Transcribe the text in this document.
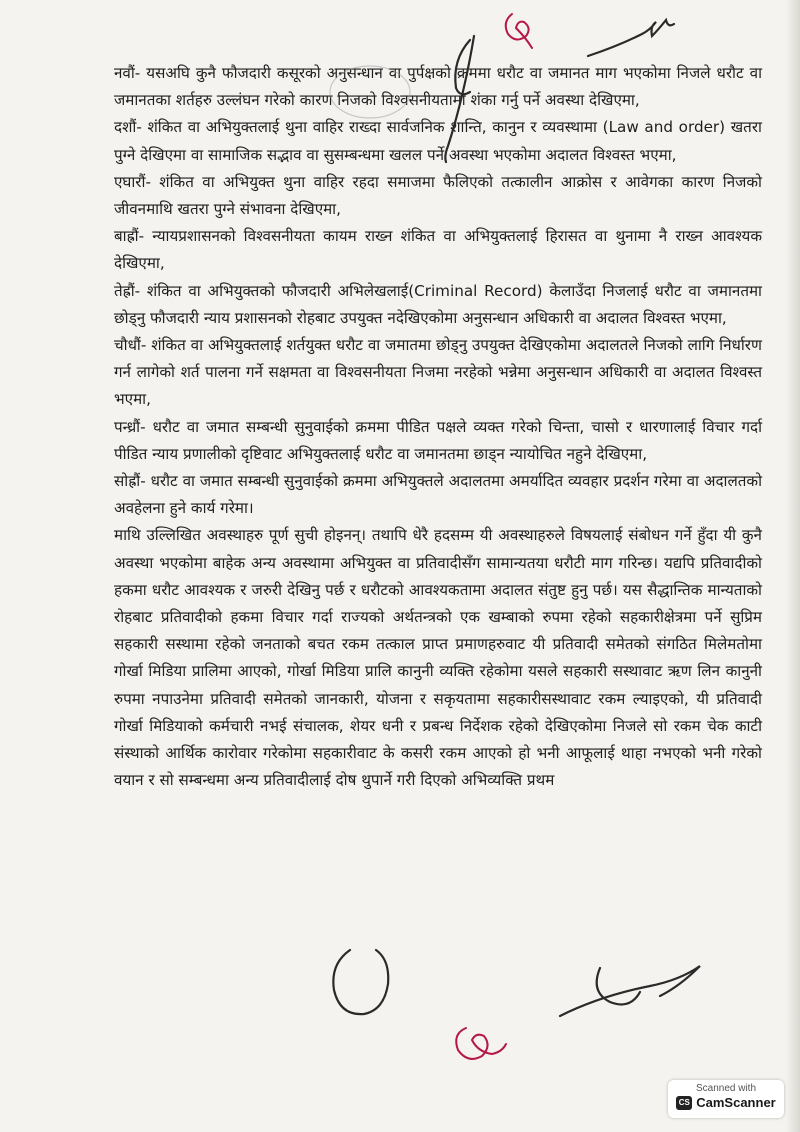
नवौं- यसअघि कुनै फौजदारी कसूरको अनुसन्धान वा पुर्पक्षको क्रममा धरौट वा जमानत माग भएकोमा निजले धरौट वा जमानतका शर्तहरु उल्लंघन गरेको कारण निजको विश्वसनीयतामा शंका गर्नु पर्ने अवस्था देखिएमा,

दशौं- शंकित वा अभियुक्तलाई थुना वाहिर राख्दा सार्वजनिक शान्ति, कानुन र व्यवस्थामा (Law and order) खतरा पुग्ने देखिएमा वा सामाजिक सद्भाव वा सुसम्बन्धमा खलल पर्ने अवस्था भएकोमा अदालत विश्वस्त भएमा,

एघारौं- शंकित वा अभियुक्त थुना वाहिर रहदा समाजमा फैलिएको तत्कालीन आक्रोस र आवेगका कारण निजको जीवनमाथि खतरा पुग्ने संभावना देखिएमा,

बाह्रौं- न्यायप्रशासनको विश्वसनीयता कायम राख्न शंकित वा अभियुक्तलाई हिरासत वा थुनामा नै राख्न आवश्यक देखिएमा,

तेह्रौं- शंकित वा अभियुक्तको फौजदारी अभिलेखलाई(Criminal Record) केलाउँदा निजलाई धरौट वा जमानतमा छोड्नु फौजदारी न्याय प्रशासनको रोहबाट उपयुक्त नदेखिएकोमा अनुसन्धान अधिकारी वा अदालत विश्वस्त भएमा,

चौधौं- शंकित वा अभियुक्तलाई शर्तयुक्त धरौट वा जमातमा छोड्नु उपयुक्त देखिएकोमा अदालतले निजको लागि निर्धारण गर्न लागेको शर्त पालना गर्ने सक्षमता वा विश्वसनीयता निजमा नरहेको भन्नेमा अनुसन्धान अधिकारी वा अदालत विश्वस्त भएमा,

पन्ध्रौं- धरौट वा जमात सम्बन्धी सुनुवाईको क्रममा पीडित पक्षले व्यक्त गरेको चिन्ता, चासो र धारणालाई विचार गर्दा पीडित न्याय प्रणालीको दृष्टिवाट अभियुक्तलाई धरौट वा जमानतमा छाड्न न्यायोचित नहुने देखिएमा,

सोह्रौं- धरौट वा जमात सम्बन्धी सुनुवाईको क्रममा अभियुक्तले अदालतमा अमर्यादित व्यवहार प्रदर्शन गरेमा वा अदालतको अवहेलना हुने कार्य गरेमा।

माथि उल्लिखित अवस्थाहरु पूर्ण सुची होइनन्। तथापि धेरै हदसम्म यी अवस्थाहरुले विषयलाई संबोधन गर्ने हुँदा यी कुनै अवस्था भएकोमा बाहेक अन्य अवस्थामा अभियुक्त वा प्रतिवादीसँग सामान्यतया धरौटी माग गरिन्छ। यद्यपि प्रतिवादीको हकमा धरौट आवश्यक र जरुरी देखिनु पर्छ र धरौटको आवश्यकतामा अदालत संतुष्ट हुनु पर्छ। यस सैद्धान्तिक मान्यताको रोहबाट प्रतिवादीको हकमा विचार गर्दा राज्यको अर्थतन्त्रको एक खम्बाको रुपमा रहेको सहकारीक्षेत्रमा पर्ने सुप्रिम सहकारी सस्थामा रहेको जनताको बचत रकम तत्काल प्राप्त प्रमाणहरुवाट यी प्रतिवादी समेतको संगठित मिलेमतोमा गोर्खा मिडिया प्रालिमा आएको, गोर्खा मिडिया प्रालि कानुनी व्यक्ति रहेकोमा यसले सहकारी सस्थावाट ऋण लिन कानुनी रुपमा नपाउनेमा प्रतिवादी समेतको जानकारी, योजना र सकृयतामा सहकारीसस्थावाट रकम ल्याइएको, यी प्रतिवादी गोर्खा मिडियाको कर्मचारी नभई संचालक, शेयर धनी र प्रबन्ध निर्देशक रहेको देखिएकोमा निजले सो रकम चेक काटी संस्थाको आर्थिक कारोवार गरेकोमा सहकारीवाट के कसरी रकम आएको हो भनी आफूलाई थाहा नभएको भनी गरेको वयान र सो सम्बन्धमा अन्य प्रतिवादीलाई दोष थुपार्ने गरी दिएको अभिव्यक्ति प्रथम

Scanned with
CS CamScanner
